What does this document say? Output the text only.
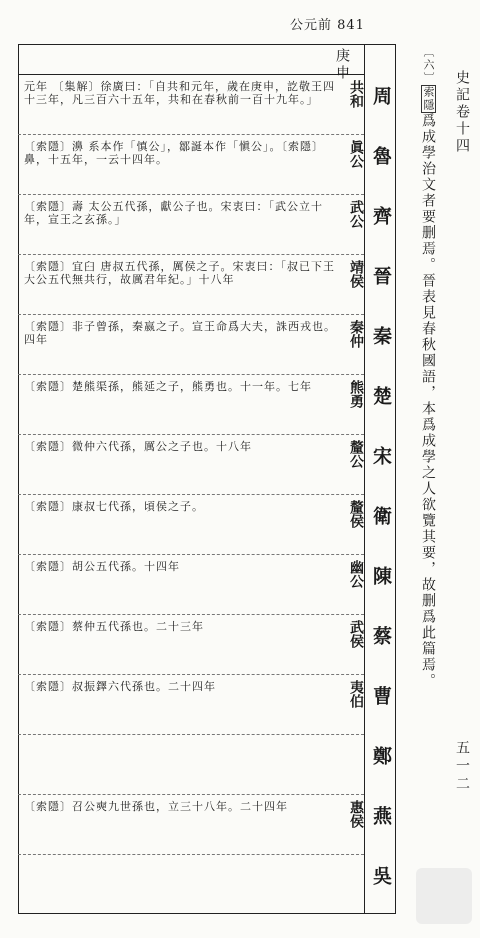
公元前 841
庚申
周
共和
元年 〔集解〕徐廣曰：「自共和元年，歲在庚申，訖敬王四十三年，凡三百六十五年，共和在春秋前一百十九年。」
魯
眞公
〔索隱〕濞 系本作「慎公」，鄒誕本作「愼公」。〔索隱〕鼻，十五年，一云十四年。
齊
武公
〔索隱〕壽 太公五代孫，獻公子也。宋衷曰：「武公立十年，宣王之玄孫。」
晉
靖侯
〔索隱〕宜臼 唐叔五代孫，厲侯之子。宋衷曰：「叔已下王大公五代無共行，故厲君年紀。」十八年
秦
秦仲
〔索隱〕非子曾孫，秦嬴之子。宣王命爲大夫，誅西戎也。四年
楚
熊勇
〔索隱〕楚熊渠孫，熊延之子，熊勇也。十一年。七年
宋
釐公
〔索隱〕微仲六代孫，厲公之子也。十八年
衛
釐侯
〔索隱〕康叔七代孫，頃侯之子。
陳
幽公
〔索隱〕胡公五代孫。十四年
蔡
武侯
〔索隱〕蔡仲五代孫也。二十三年
曹
夷伯
〔索隱〕叔振鐸六代孫也。二十四年
鄭
燕
惠侯
〔索隱〕召公奭九世孫也，立三十八年。二十四年
吳
史記卷十四
五一二
〔六〕索隱爲成學治文者要删焉。晉表見春秋國語，本爲成學之人欲覽其要，故删爲此篇焉。
